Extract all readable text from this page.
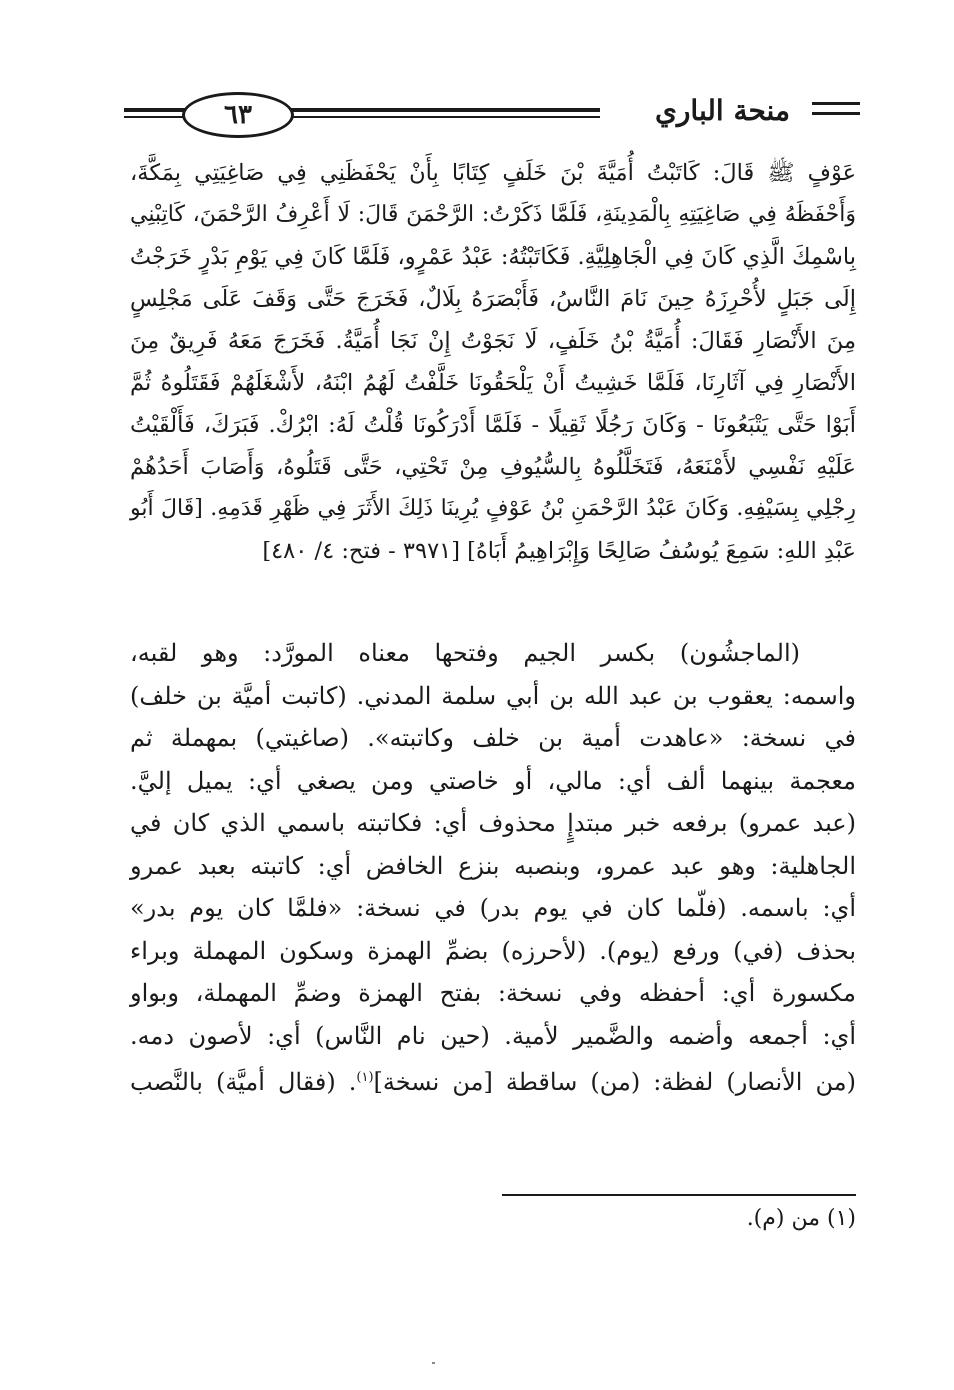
٦٣	منحة الباري
عَوْفٍ ﷺ قَالَ: كَاتَبْتُ أُمَيَّةَ بْنَ خَلَفٍ كِتَابًا بِأَنْ يَحْفَظَنِي فِي صَاغِيَتِي بِمَكَّةَ،
وَأَحْفَظَهُ فِي صَاغِيَتِهِ بِالْمَدِينَةِ، فَلَمَّا ذَكَرْتُ: الرَّحْمَنَ قَالَ: لَا أَعْرِفُ الرَّحْمَنَ، كَاتِبْنِي
بِاسْمِكَ الَّذِي كَانَ فِي الْجَاهِلِيَّةِ. فَكَاتَبْتُهُ: عَبْدُ عَمْرٍو، فَلَمَّا كَانَ فِي يَوْمِ بَدْرٍ خَرَجْتُ
إِلَى جَبَلٍ لأُحْرِزَهُ حِينَ نَامَ النَّاسُ، فَأَبْصَرَهُ بِلَالٌ، فَخَرَجَ حَتَّى وَقَفَ عَلَى مَجْلِسٍ
مِنَ الأَنْصَارِ فَقَالَ: أُمَيَّةُ بْنُ خَلَفٍ، لَا نَجَوْتُ إِنْ نَجَا أُمَيَّةُ. فَخَرَجَ مَعَهُ فَرِيقٌ مِنَ
الأَنْصَارِ فِي آثَارِنَا، فَلَمَّا خَشِيتُ أَنْ يَلْحَقُونَا خَلَّفْتُ لَهُمُ ابْنَهُ، لأَشْغَلَهُمْ فَقَتَلُوهُ ثُمَّ
أَبَوْا حَتَّى يَتْبَعُونَا - وَكَانَ رَجُلًا ثَقِيلًا - فَلَمَّا أَدْرَكُونَا قُلْتُ لَهُ: ابْرُكْ. فَبَرَكَ، فَأَلْقَيْتُ
عَلَيْهِ نَفْسِي لأَمْنَعَهُ، فَتَخَلَّلُوهُ بِالسُّيُوفِ مِنْ تَحْتِي، حَتَّى قَتَلُوهُ، وَأَصَابَ أَحَدُهُمْ
رِجْلِي بِسَيْفِهِ. وَكَانَ عَبْدُ الرَّحْمَنِ بْنُ عَوْفٍ يُرِينَا ذَلِكَ الأَثَرَ فِي ظَهْرِ قَدَمِهِ. [قَالَ أَبُو
عَبْدِ اللهِ: سَمِعَ يُوسُفُ صَالِحًا وَإِبْرَاهِيمُ أَبَاهُ] [٣٩٧١ - فتح: ٤/ ٤٨٠]
(الماجشُون) بكسر الجيم وفتحها معناه المورَّد: وهو لقبه،
واسمه: يعقوب بن عبد الله بن أبي سلمة المدني. (كاتبت أميَّة بن خلف)
في نسخة: «عاهدت أمية بن خلف وكاتبته». (صاغيتي) بمهملة ثم
معجمة بينهما ألف أي: مالي، أو خاصتي ومن يصغي أي: يميل إليَّ.
(عبد عمرو) برفعه خبر مبتدإٍ محذوف أي: فكاتبته باسمي الذي كان في
الجاهلية: وهو عبد عمرو، وبنصبه بنزع الخافض أي: كاتبته بعبد عمرو
أي: باسمه. (فلّما كان في يوم بدر) في نسخة: «فلمَّا كان يوم بدر»
بحذف (في) ورفع (يوم). (لأحرزه) بضمِّ الهمزة وسكون المهملة وبراء
مكسورة أي: أحفظه وفي نسخة: بفتح الهمزة وضمِّ المهملة، وبواو
أي: أجمعه وأضمه والضَّمير لأمية. (حين نام النَّاس) أي: لأصون دمه.
(من الأنصار) لفظة: (من) ساقطة [من نسخة]$^{(١)}$. (فقال أميَّة) بالنَّصب
(١) من (م).
